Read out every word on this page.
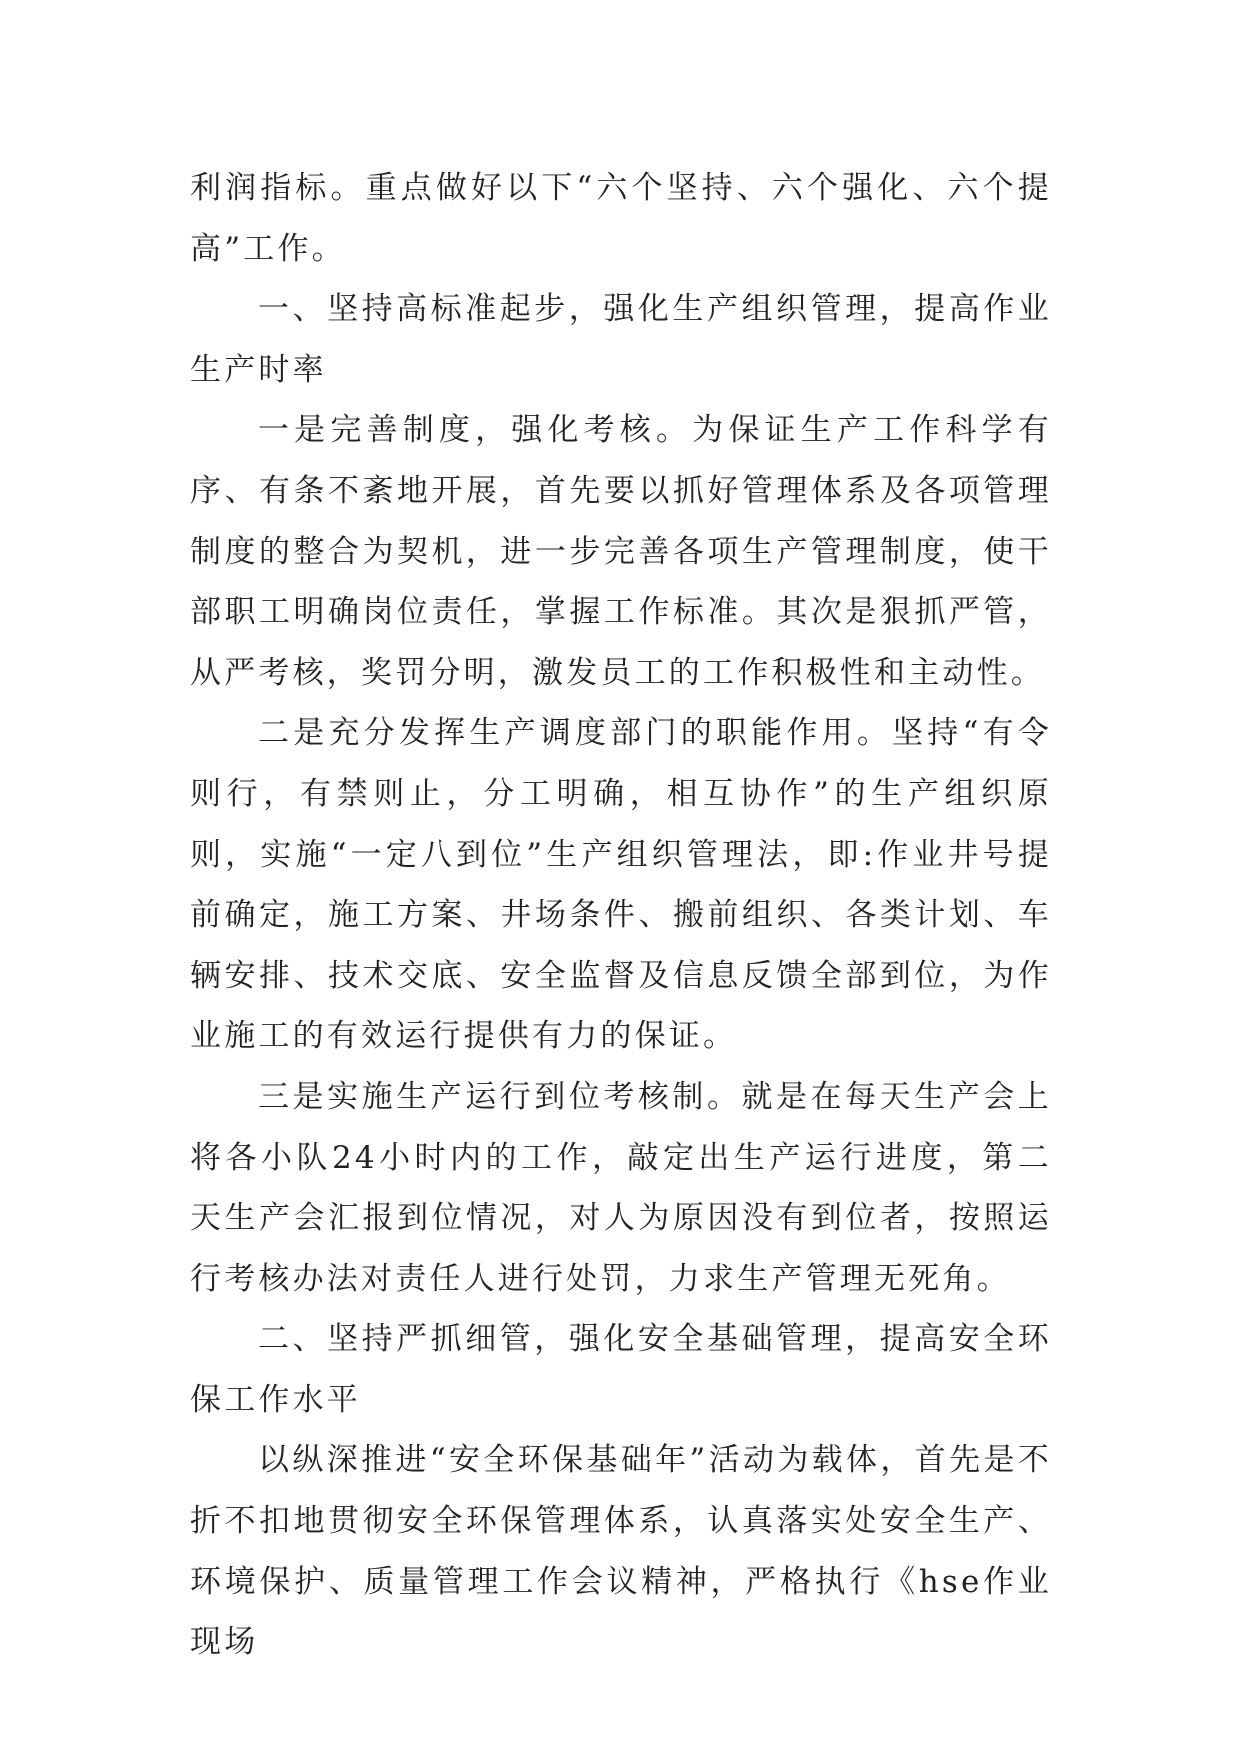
利润指标。重点做好以下“六个坚持、六个强化、六个提高”工作。

一、坚持高标准起步，强化生产组织管理，提高作业生产时率

一是完善制度，强化考核。为保证生产工作科学有序、有条不紊地开展，首先要以抓好管理体系及各项管理制度的整合为契机，进一步完善各项生产管理制度，使干部职工明确岗位责任，掌握工作标准。其次是狠抓严管，从严考核，奖罚分明，激发员工的工作积极性和主动性。

二是充分发挥生产调度部门的职能作用。坚持“有令则行，有禁则止，分工明确，相互协作”的生产组织原则，实施“一定八到位”生产组织管理法，即:作业井号提前确定，施工方案、井场条件、搬前组织、各类计划、车辆安排、技术交底、安全监督及信息反馈全部到位，为作业施工的有效运行提供有力的保证。

三是实施生产运行到位考核制。就是在每天生产会上将各小队24小时内的工作，敲定出生产运行进度，第二天生产会汇报到位情况，对人为原因没有到位者，按照运行考核办法对责任人进行处罚，力求生产管理无死角。

二、坚持严抓细管，强化安全基础管理，提高安全环保工作水平

以纵深推进“安全环保基础年”活动为载体，首先是不折不扣地贯彻安全环保管理体系，认真落实处安全生产、环境保护、质量管理工作会议精神，严格执行《hse作业现场
